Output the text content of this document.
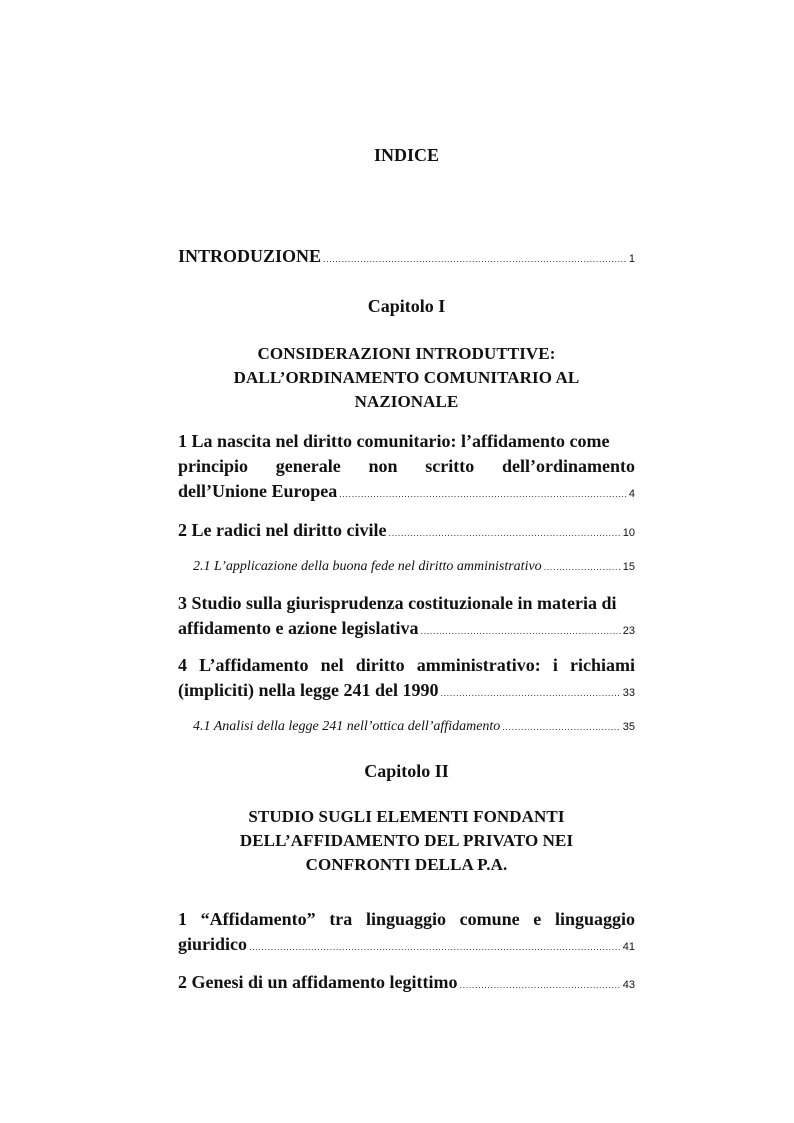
INDICE
INTRODUZIONE .....	1
Capitolo I
CONSIDERAZIONI INTRODUTTIVE:
DALL’ORDINAMENTO COMUNITARIO AL
NAZIONALE
1 La nascita nel diritto comunitario: l’affidamento come
principio generale non scritto dell’ordinamento
dell’Unione Europea .....	4
2 Le radici nel diritto civile .....	10
2.1 L’applicazione della buona fede nel diritto amministrativo .....	15
3 Studio sulla giurisprudenza costituzionale in materia di
affidamento e azione legislativa .....	23
4 L’affidamento nel diritto amministrativo: i richiami
(impliciti) nella legge 241 del 1990 .....	33
4.1 Analisi della legge 241 nell’ottica dell’affidamento .....	35
Capitolo II
STUDIO SUGLI ELEMENTI FONDANTI
DELL’AFFIDAMENTO DEL PRIVATO NEI
CONFRONTI DELLA P.A.
1 “Affidamento” tra linguaggio comune e linguaggio
giuridico .....	41
2 Genesi di un affidamento legittimo .....	43
